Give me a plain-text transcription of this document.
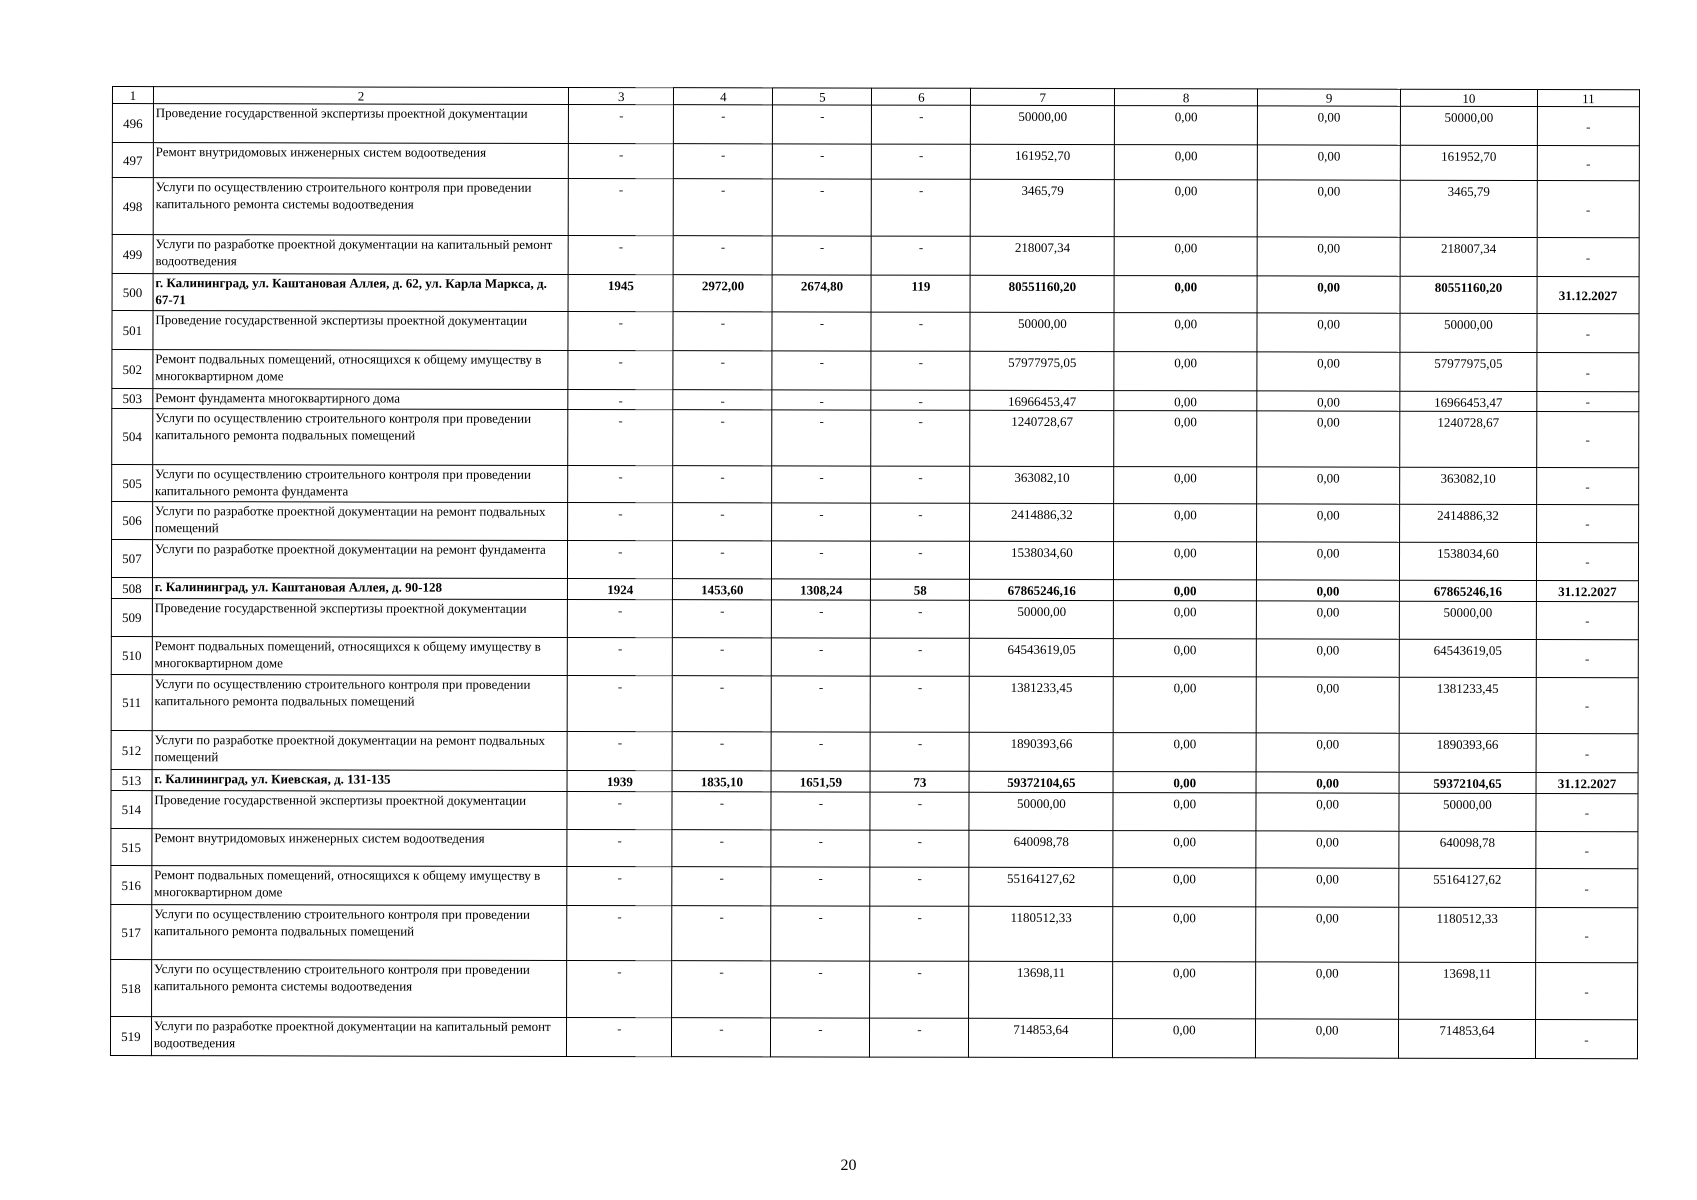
1	2	3	4	5	6	7	8	9	10	11
496	Проведение государственной экспертизы проектной документации	-	-	-	-	50000,00	0,00	0,00	50000,00	-
497	Ремонт внутридомовых инженерных систем водоотведения	-	-	-	-	161952,70	0,00	0,00	161952,70	-
498	Услуги по осуществлению строительного контроля при проведении капитального ремонта системы водоотведения	-	-	-	-	3465,79	0,00	0,00	3465,79	-
499	Услуги по разработке проектной документации на капитальный ремонт водоотведения	-	-	-	-	218007,34	0,00	0,00	218007,34	-
500	г. Калининград, ул. Каштановая Аллея, д. 62, ул. Карла Маркса, д. 67-71	1945	2972,00	2674,80	119	80551160,20	0,00	0,00	80551160,20	31.12.2027
501	Проведение государственной экспертизы проектной документации	-	-	-	-	50000,00	0,00	0,00	50000,00	-
502	Ремонт подвальных помещений, относящихся к общему имуществу в многоквартирном доме	-	-	-	-	57977975,05	0,00	0,00	57977975,05	-
503	Ремонт фундамента многоквартирного дома	-	-	-	-	16966453,47	0,00	0,00	16966453,47	-
504	Услуги по осуществлению строительного контроля при проведении капитального ремонта подвальных помещений	-	-	-	-	1240728,67	0,00	0,00	1240728,67	-
505	Услуги по осуществлению строительного контроля при проведении капитального ремонта фундамента	-	-	-	-	363082,10	0,00	0,00	363082,10	-
506	Услуги по разработке проектной документации на ремонт подвальных помещений	-	-	-	-	2414886,32	0,00	0,00	2414886,32	-
507	Услуги по разработке проектной документации на ремонт фундамента	-	-	-	-	1538034,60	0,00	0,00	1538034,60	-
508	г. Калининград, ул. Каштановая Аллея, д. 90-128	1924	1453,60	1308,24	58	67865246,16	0,00	0,00	67865246,16	31.12.2027
509	Проведение государственной экспертизы проектной документации	-	-	-	-	50000,00	0,00	0,00	50000,00	-
510	Ремонт подвальных помещений, относящихся к общему имуществу в многоквартирном доме	-	-	-	-	64543619,05	0,00	0,00	64543619,05	-
511	Услуги по осуществлению строительного контроля при проведении капитального ремонта подвальных помещений	-	-	-	-	1381233,45	0,00	0,00	1381233,45	-
512	Услуги по разработке проектной документации на ремонт подвальных помещений	-	-	-	-	1890393,66	0,00	0,00	1890393,66	-
513	г. Калининград, ул. Киевская, д. 131-135	1939	1835,10	1651,59	73	59372104,65	0,00	0,00	59372104,65	31.12.2027
514	Проведение государственной экспертизы проектной документации	-	-	-	-	50000,00	0,00	0,00	50000,00	-
515	Ремонт внутридомовых инженерных систем водоотведения	-	-	-	-	640098,78	0,00	0,00	640098,78	-
516	Ремонт подвальных помещений, относящихся к общему имуществу в многоквартирном доме	-	-	-	-	55164127,62	0,00	0,00	55164127,62	-
517	Услуги по осуществлению строительного контроля при проведении капитального ремонта подвальных помещений	-	-	-	-	1180512,33	0,00	0,00	1180512,33	-
518	Услуги по осуществлению строительного контроля при проведении капитального ремонта системы водоотведения	-	-	-	-	13698,11	0,00	0,00	13698,11	-
519	Услуги по разработке проектной документации на капитальный ремонт водоотведения	-	-	-	-	714853,64	0,00	0,00	714853,64	-
20
